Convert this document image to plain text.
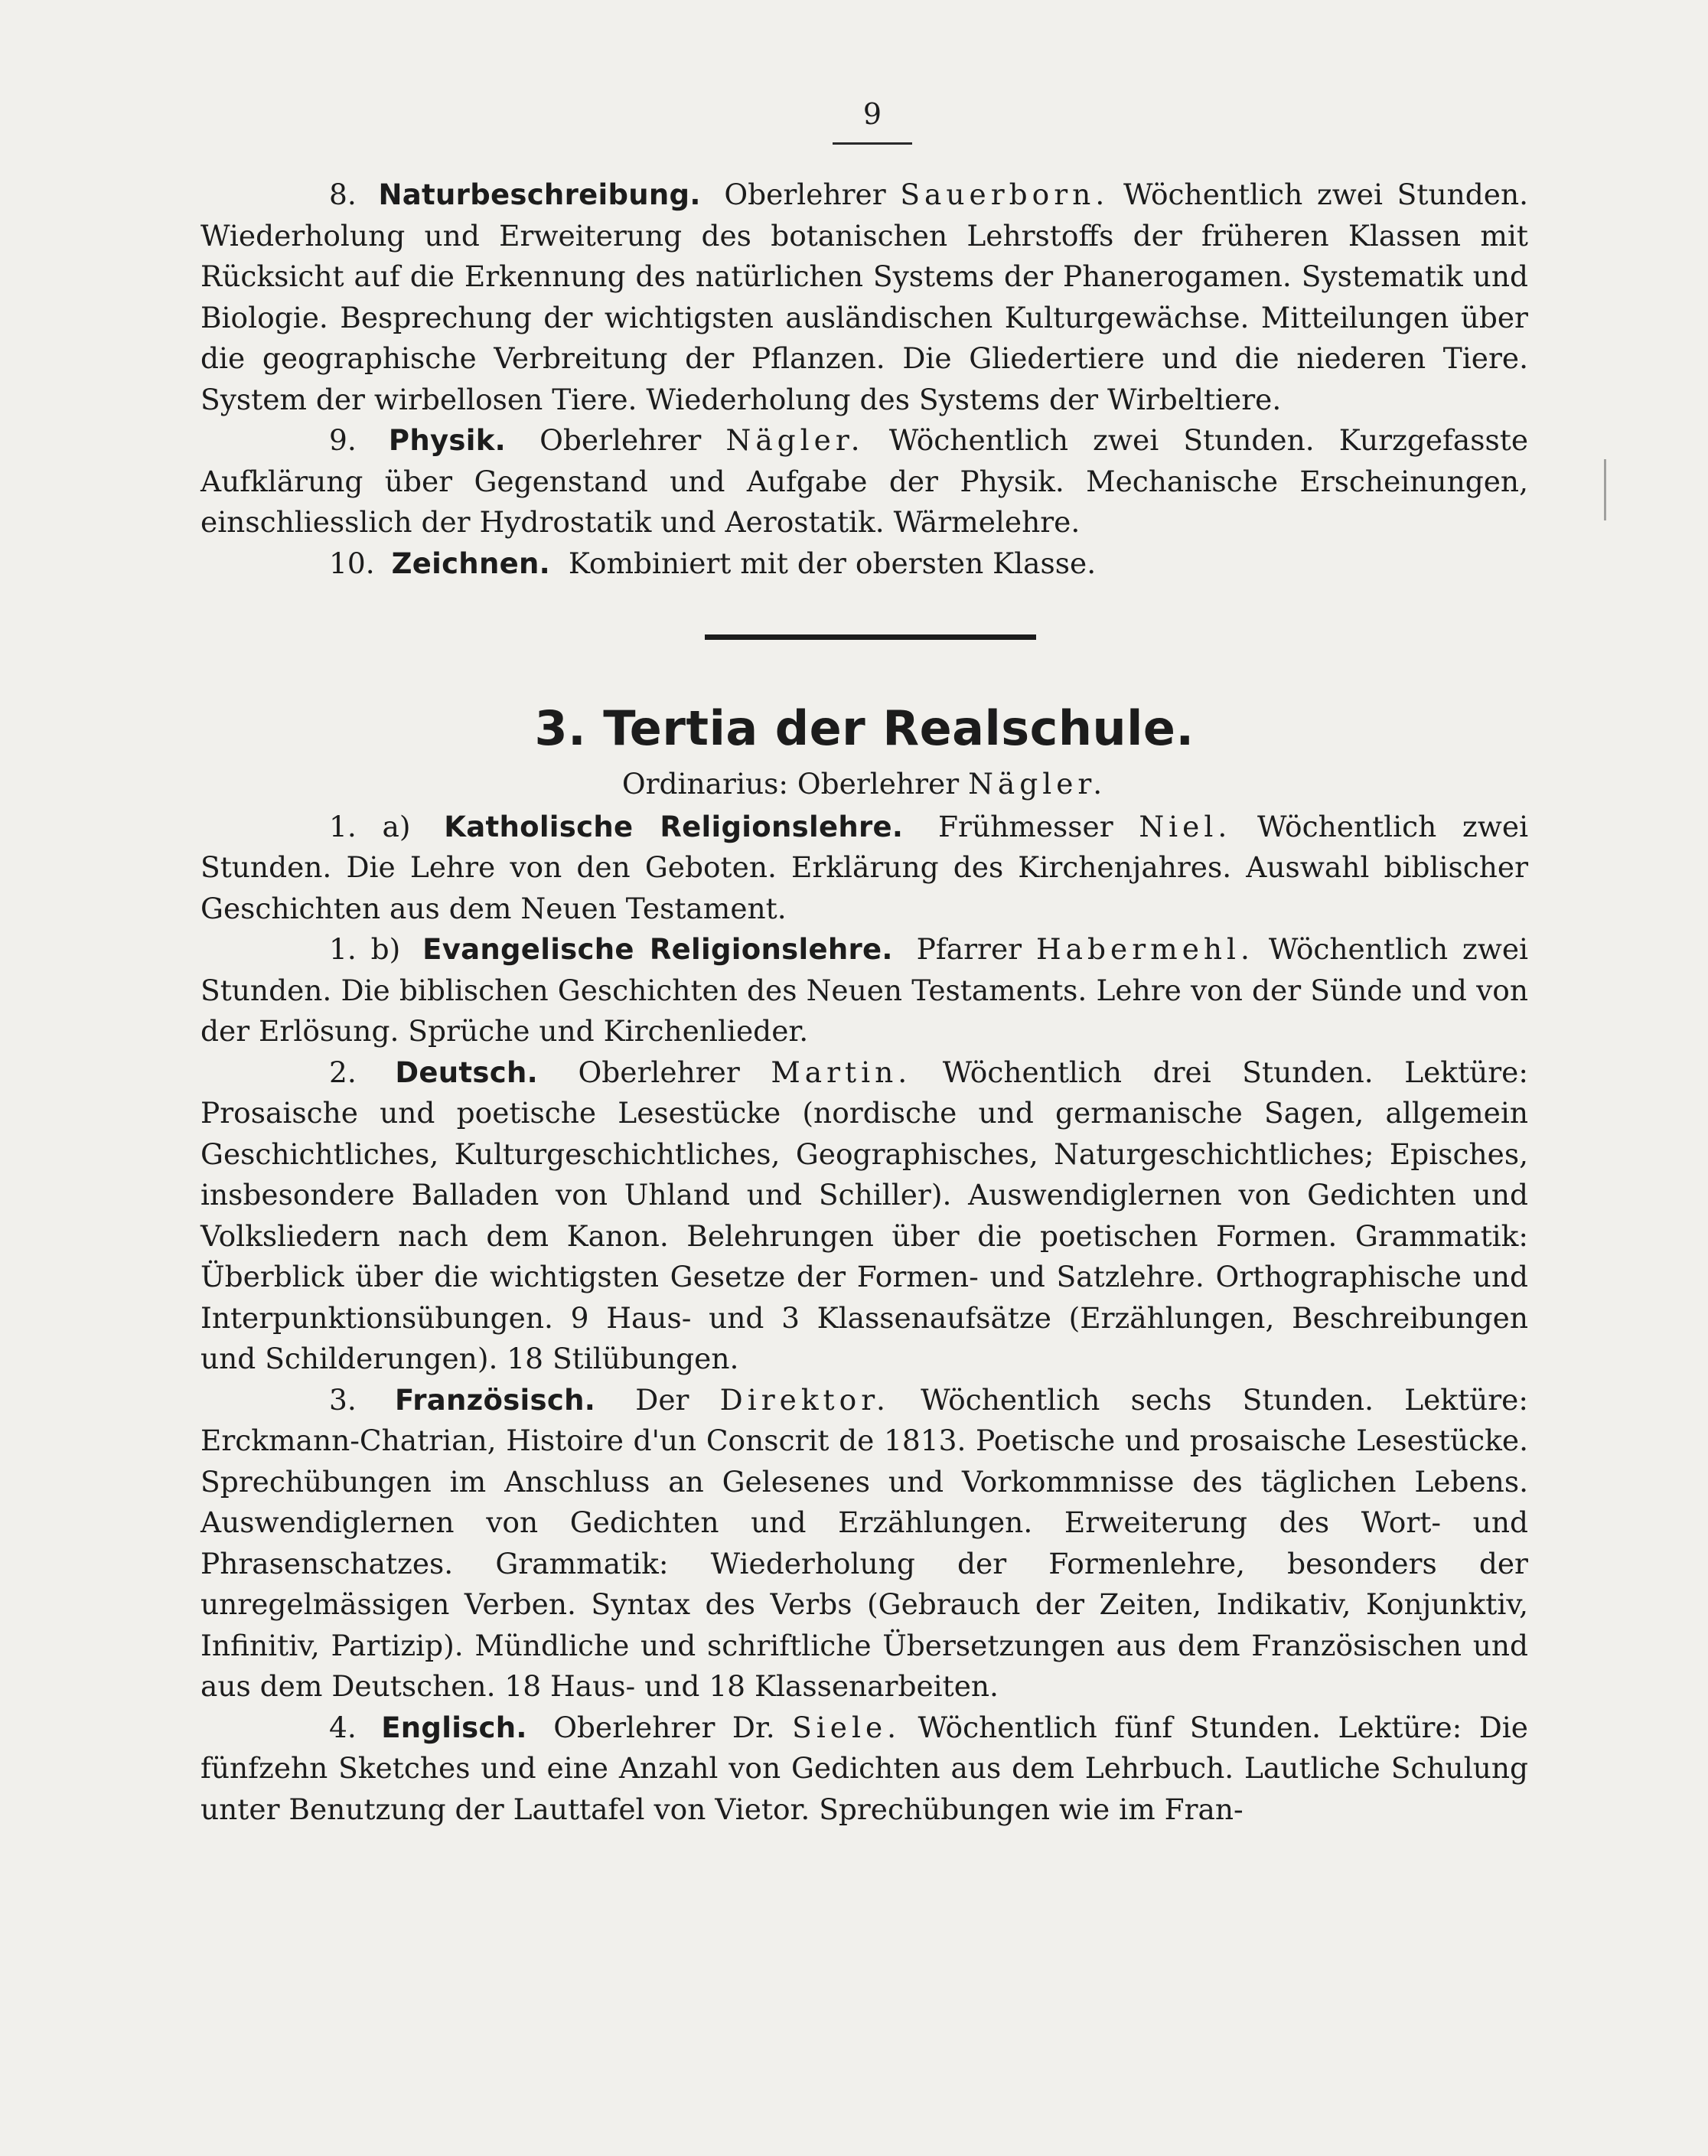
9

8. Naturbeschreibung. Oberlehrer Sauerborn. Wöchentlich zwei Stunden. Wiederholung und Erweiterung des botanischen Lehrstoffs der früheren Klassen mit Rücksicht auf die Erkennung des natürlichen Systems der Phanerogamen. Systematik und Biologie. Besprechung der wichtigsten ausländischen Kulturgewächse. Mitteilungen über die geographische Verbreitung der Pflanzen. Die Gliedertiere und die niederen Tiere. System der wirbellosen Tiere. Wiederholung des Systems der Wirbeltiere.

9. Physik. Oberlehrer Nägler. Wöchentlich zwei Stunden. Kurzgefasste Aufklärung über Gegenstand und Aufgabe der Physik. Mechanische Erscheinungen, einschliesslich der Hydrostatik und Aerostatik. Wärmelehre.

10. Zeichnen. Kombiniert mit der obersten Klasse.

3. Tertia der Realschule.
Ordinarius: Oberlehrer Nägler.

1. a) Katholische Religionslehre. Frühmesser Niel. Wöchentlich zwei Stunden. Die Lehre von den Geboten. Erklärung des Kirchenjahres. Auswahl biblischer Geschichten aus dem Neuen Testament.

1. b) Evangelische Religionslehre. Pfarrer Habermehl. Wöchentlich zwei Stunden. Die biblischen Geschichten des Neuen Testaments. Lehre von der Sünde und von der Erlösung. Sprüche und Kirchenlieder.

2. Deutsch. Oberlehrer Martin. Wöchentlich drei Stunden. Lektüre: Prosaische und poetische Lesestücke (nordische und germanische Sagen, allgemein Geschichtliches, Kulturgeschichtliches, Geographisches, Naturgeschichtliches; Episches, insbesondere Balladen von Uhland und Schiller). Auswendiglernen von Gedichten und Volksliedern nach dem Kanon. Belehrungen über die poetischen Formen. Grammatik: Überblick über die wichtigsten Gesetze der Formen- und Satzlehre. Orthographische und Interpunktionsübungen. 9 Haus- und 3 Klassenaufsätze (Erzählungen, Beschreibungen und Schilderungen). 18 Stilübungen.

3. Französisch. Der Direktor. Wöchentlich sechs Stunden. Lektüre: Erckmann-Chatrian, Histoire d'un Conscrit de 1813. Poetische und prosaische Lesestücke. Sprechübungen im Anschluss an Gelesenes und Vorkommnisse des täglichen Lebens. Auswendiglernen von Gedichten und Erzählungen. Erweiterung des Wort- und Phrasenschatzes. Grammatik: Wiederholung der Formenlehre, besonders der unregelmässigen Verben. Syntax des Verbs (Gebrauch der Zeiten, Indikativ, Konjunktiv, Infinitiv, Partizip). Mündliche und schriftliche Übersetzungen aus dem Französischen und aus dem Deutschen. 18 Haus- und 18 Klassenarbeiten.

4. Englisch. Oberlehrer Dr. Siele. Wöchentlich fünf Stunden. Lektüre: Die fünfzehn Sketches und eine Anzahl von Gedichten aus dem Lehrbuch. Lautliche Schulung unter Benutzung der Lauttafel von Vietor. Sprechübungen wie im Fran-
